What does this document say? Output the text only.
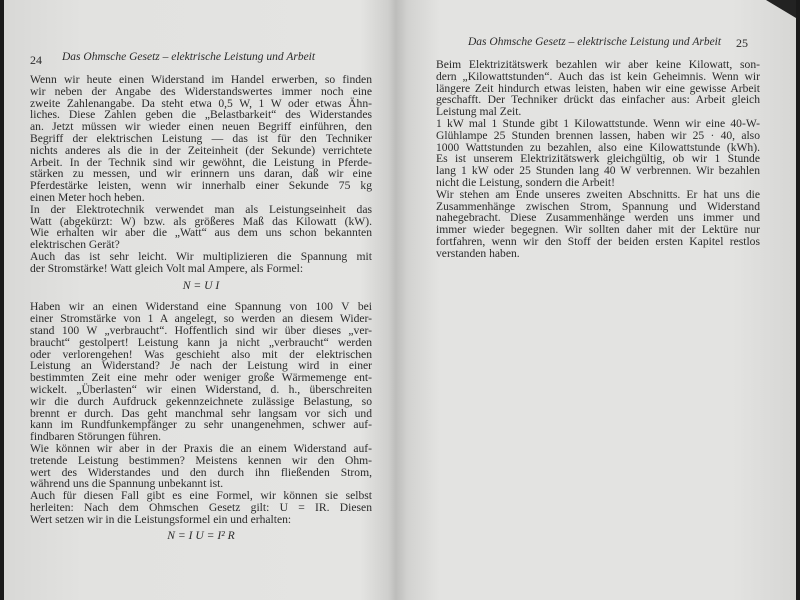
24 Das Ohmsche Gesetz – elektrische Leistung und Arbeit
Wenn wir heute einen Widerstand im Handel erwerben, so finden
wir neben der Angabe des Widerstandswertes immer noch eine
zweite Zahlenangabe. Da steht etwa 0,5 W, 1 W oder etwas Ähn-
liches. Diese Zahlen geben die „Belastbarkeit“ des Widerstandes
an. Jetzt müssen wir wieder einen neuen Begriff einführen, den
Begriff der elektrischen Leistung — das ist für den Techniker
nichts anderes als die in der Zeiteinheit (der Sekunde) verrichtete
Arbeit. In der Technik sind wir gewöhnt, die Leistung in Pferde-
stärken zu messen, und wir erinnern uns daran, daß wir eine
Pferdestärke leisten, wenn wir innerhalb einer Sekunde 75 kg
einen Meter hoch heben.
In der Elektrotechnik verwendet man als Leistungseinheit das
Watt (abgekürzt: W) bzw. als größeres Maß das Kilowatt (kW).
Wie erhalten wir aber die „Watt“ aus dem uns schon bekannten
elektrischen Gerät?
Auch das ist sehr leicht. Wir multiplizieren die Spannung mit
der Stromstärke! Watt gleich Volt mal Ampere, als Formel:
N = U I
Haben wir an einen Widerstand eine Spannung von 100 V bei
einer Stromstärke von 1 A angelegt, so werden an diesem Wider-
stand 100 W „verbraucht“. Hoffentlich sind wir über dieses „ver-
braucht“ gestolpert! Leistung kann ja nicht „verbraucht“ werden
oder verlorengehen! Was geschieht also mit der elektrischen
Leistung an Widerstand? Je nach der Leistung wird in einer
bestimmten Zeit eine mehr oder weniger große Wärmemenge ent-
wickelt. „Überlasten“ wir einen Widerstand, d. h., überschreiten
wir die durch Aufdruck gekennzeichnete zulässige Belastung, so
brennt er durch. Das geht manchmal sehr langsam vor sich und
kann im Rundfunkempfänger zu sehr unangenehmen, schwer auf-
findbaren Störungen führen.
Wie können wir aber in der Praxis die an einem Widerstand auf-
tretende Leistung bestimmen? Meistens kennen wir den Ohm-
wert des Widerstandes und den durch ihn fließenden Strom,
während uns die Spannung unbekannt ist.
Auch für diesen Fall gibt es eine Formel, wir können sie selbst
herleiten: Nach dem Ohmschen Gesetz gilt: U = IR. Diesen
Wert setzen wir in die Leistungsformel ein und erhalten:
N = I U = I² R
Das Ohmsche Gesetz – elektrische Leistung und Arbeit 25
Beim Elektrizitätswerk bezahlen wir aber keine Kilowatt, son-
dern „Kilowattstunden“. Auch das ist kein Geheimnis. Wenn wir
längere Zeit hindurch etwas leisten, haben wir eine gewisse Arbeit
geschafft. Der Techniker drückt das einfacher aus: Arbeit gleich
Leistung mal Zeit.
1 kW mal 1 Stunde gibt 1 Kilowattstunde. Wenn wir eine 40-W-
Glühlampe 25 Stunden brennen lassen, haben wir 25 · 40, also
1000 Wattstunden zu bezahlen, also eine Kilowattstunde (kWh).
Es ist unserem Elektrizitätswerk gleichgültig, ob wir 1 Stunde
lang 1 kW oder 25 Stunden lang 40 W verbrennen. Wir bezahlen
nicht die Leistung, sondern die Arbeit!
Wir stehen am Ende unseres zweiten Abschnitts. Er hat uns die
Zusammenhänge zwischen Strom, Spannung und Widerstand
nahegebracht. Diese Zusammenhänge werden uns immer und
immer wieder begegnen. Wir sollten daher mit der Lektüre nur
fortfahren, wenn wir den Stoff der beiden ersten Kapitel restlos
verstanden haben.
